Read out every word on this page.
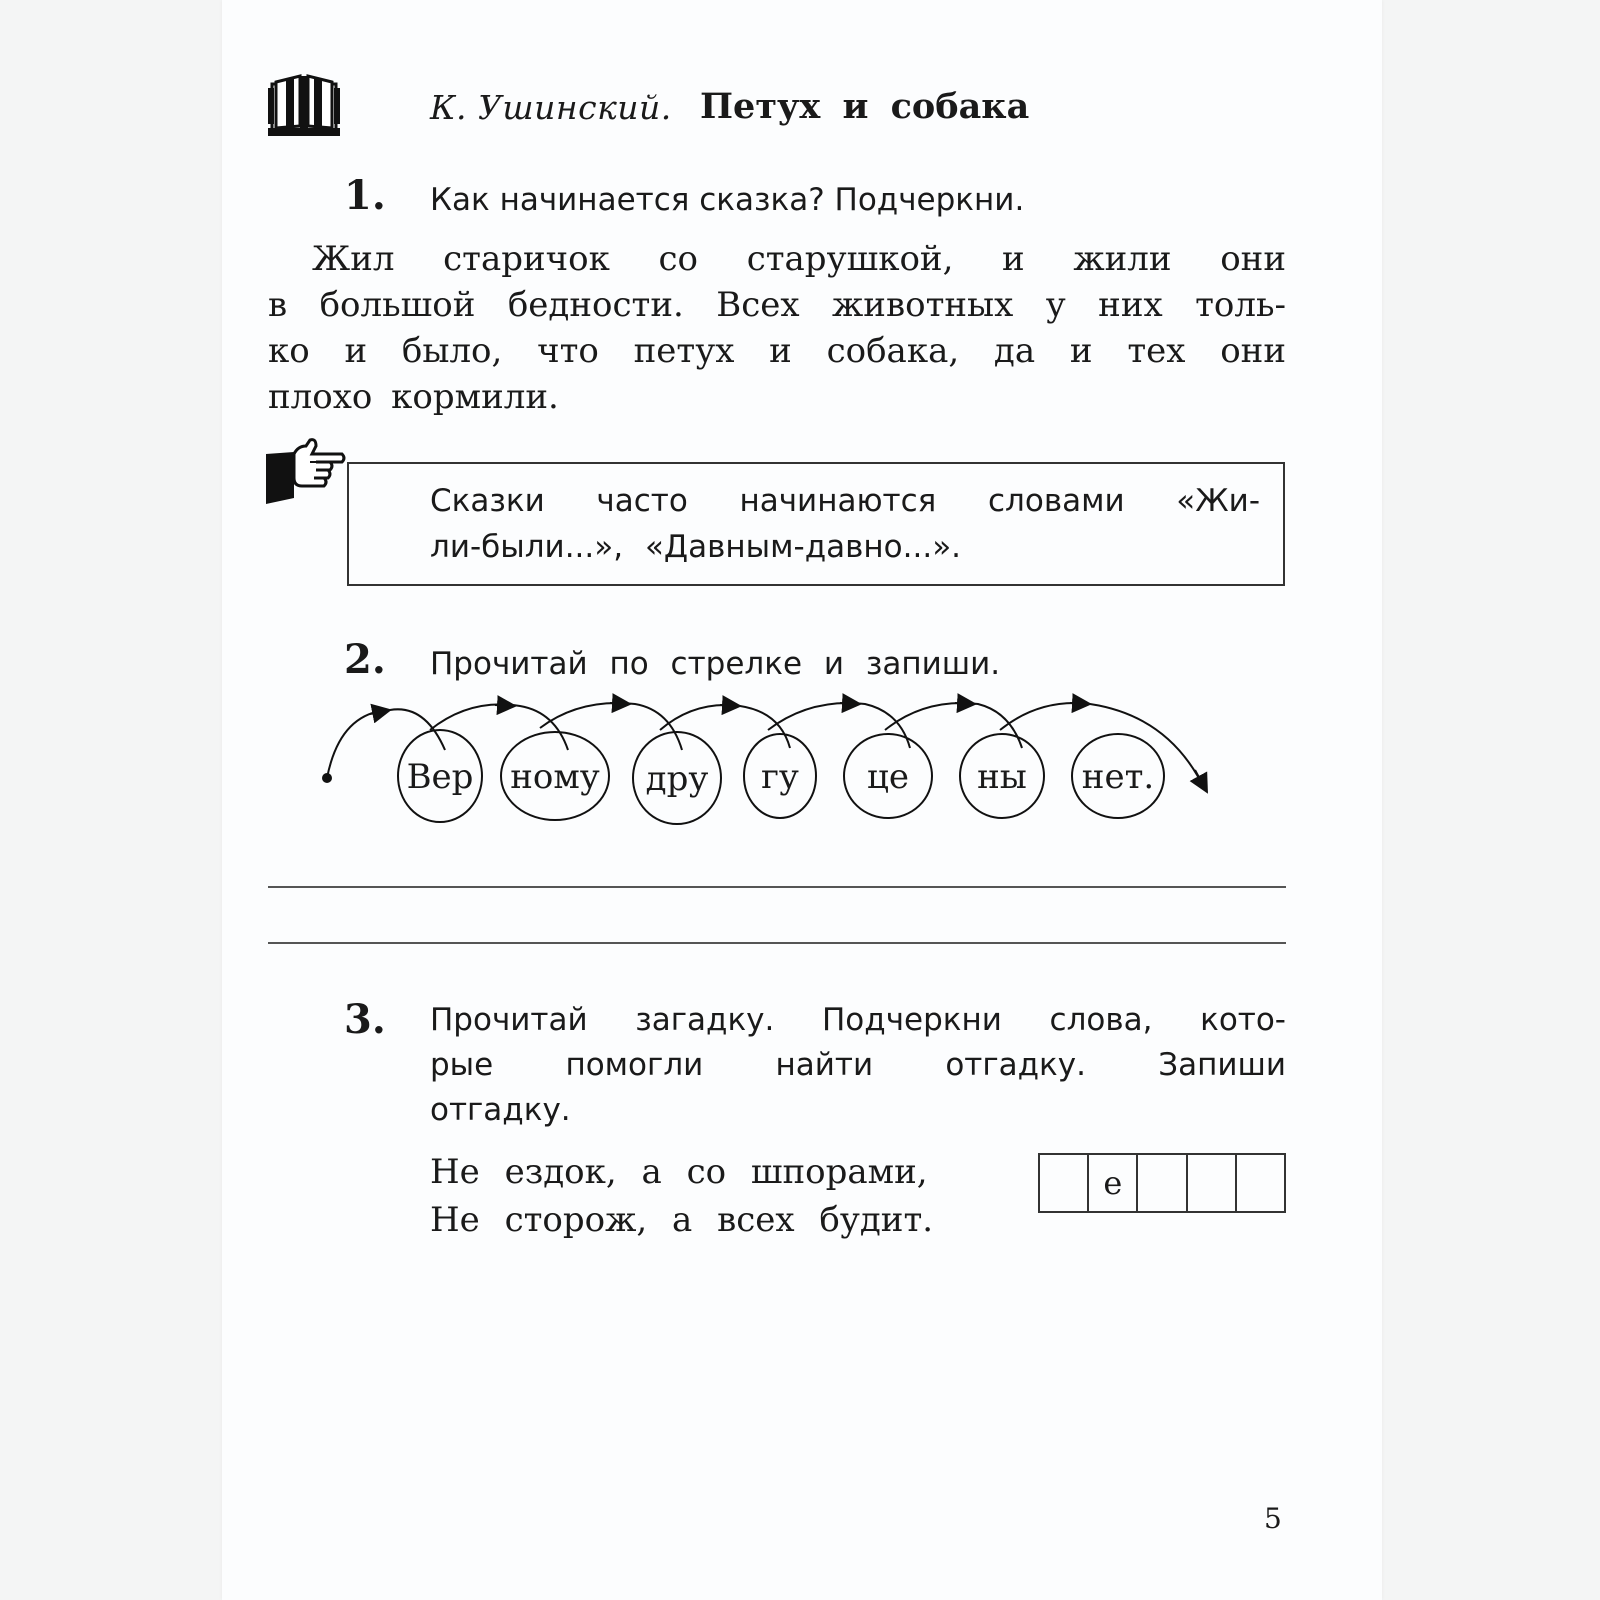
К. Ушинский. Петух и собака
1. Как начинается сказка? Подчеркни.
Жил старичок со старушкой, и жили они
в большой бедности. Всех животных у них толь-
ко и было, что петух и собака, да и тех они
плохо кормили.
Сказки часто начинаются словами «Жи-
ли-были...», «Давным-давно...».
2. Прочитай по стрелке и запиши.
Вер ному дру гу це ны нет.
3. Прочитай загадку. Подчеркни слова, кото-
рые помогли найти отгадку. Запиши
отгадку.
Не ездок, а со шпорами,
Не сторож, а всех будит.
е
5
